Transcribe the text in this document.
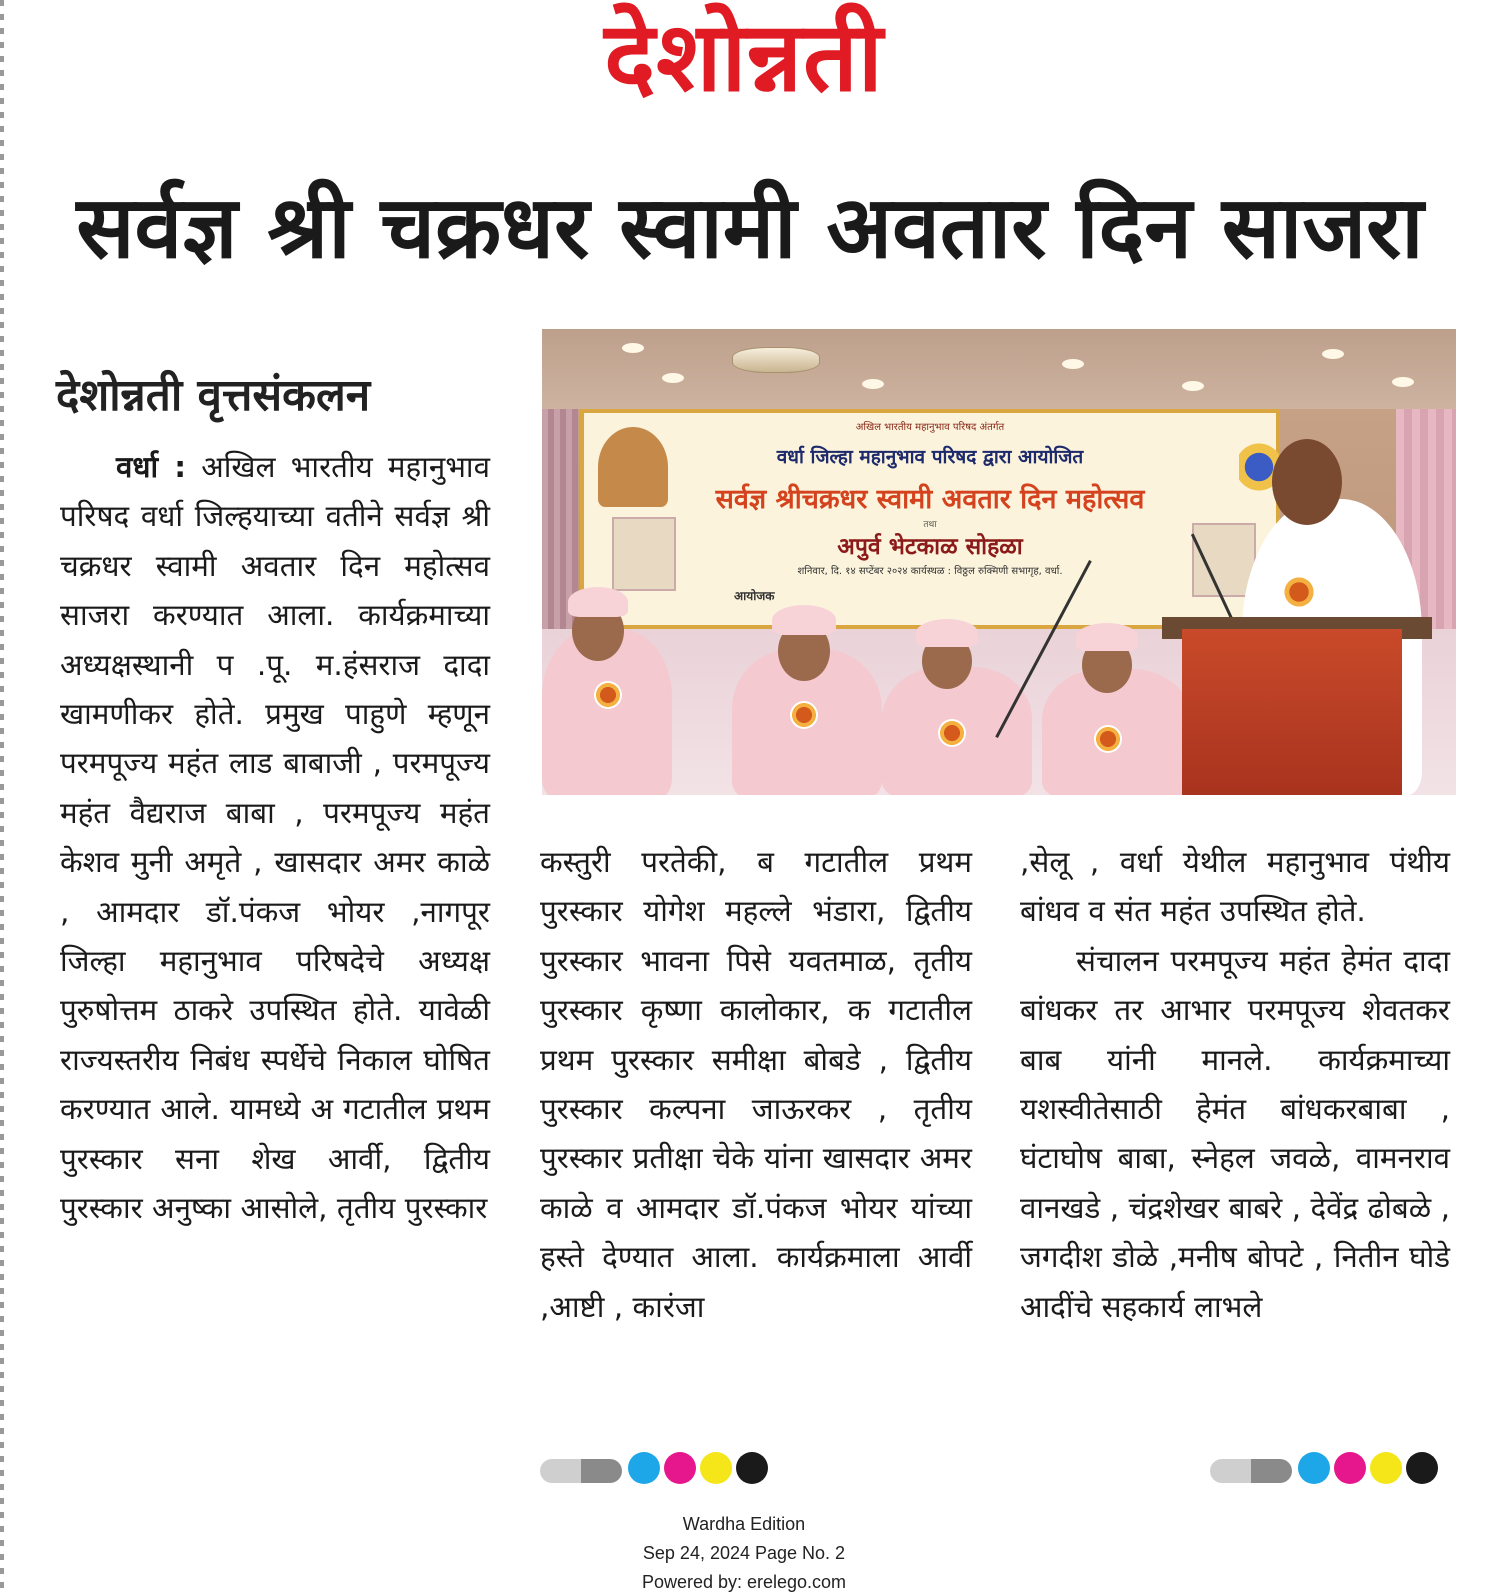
देशोन्नती
सर्वज्ञ श्री चक्रधर स्वामी अवतार दिन साजरा
देशोन्नती वृत्तसंकलन

वर्धा : अखिल भारतीय महानुभाव परिषद वर्धा जिल्हयाच्या वतीने सर्वज्ञ श्री चक्रधर स्वामी अवतार दिन महोत्सव साजरा करण्यात आला. कार्यक्रमाच्या अध्यक्षस्थानी प .पू. म.हंसराज दादा खामणीकर होते. प्रमुख पाहुणे म्हणून परमपूज्य महंत लाड बाबाजी , परमपूज्य महंत वैद्यराज बाबा , परमपूज्य महंत केशव मुनी अमृते , खासदार अमर काळे , आमदार डॉ.पंकज भोयर ,नागपूर जिल्हा महानुभाव परिषदेचे अध्यक्ष पुरुषोत्तम ठाकरे उपस्थित होते. यावेळी राज्यस्तरीय निबंध स्पर्धेचे निकाल घोषित करण्यात आले. यामध्ये अ गटातील प्रथम पुरस्कार सना शेख आर्वी, द्वितीय पुरस्कार अनुष्का आसोले, तृतीय पुरस्कार

अखिल भारतीय महानुभाव परिषद अंतर्गत
वर्धा जिल्हा महानुभाव परिषद द्वारा आयोजित
सर्वज्ञ श्रीचक्रधर स्वामी अवतार दिन महोत्सव
तथा
अपुर्व भेटकाळ सोहळा
शनिवार, दि. १४ सप्टेंबर २०२४ कार्यस्थळ : विठ्ठल रुक्मिणी सभागृह, वर्धा.
आयोजक

कस्तुरी परतेकी, ब गटातील प्रथम पुरस्कार योगेश महल्ले भंडारा, द्वितीय पुरस्कार भावना पिसे यवतमाळ, तृतीय पुरस्कार कृष्णा कालोकार, क गटातील प्रथम पुरस्कार समीक्षा बोबडे , द्वितीय पुरस्कार कल्पना जाऊरकर , तृतीय पुरस्कार प्रतीक्षा चेके यांना खासदार अमर काळे व आमदार डॉ.पंकज भोयर यांच्या हस्ते देण्यात आला. कार्यक्रमाला आर्वी ,आष्टी , कारंजा

,सेलू , वर्धा येथील महानुभाव पंथीय बांधव व संत महंत उपस्थित होते.

संचालन परमपूज्य महंत हेमंत दादा बांधकर तर आभार परमपूज्य शेवतकर बाब यांनी मानले. कार्यक्रमाच्या यशस्वीतेसाठी हेमंत बांधकरबाबा , घंटाघोष बाबा, स्नेहल जवळे, वामनराव वानखडे , चंद्रशेखर बाबरे , देवेंद्र ढोबळे , जगदीश डोळे ,मनीष बोपटे , नितीन घोडे आदींचे सहकार्य लाभले

Wardha Edition
Sep 24, 2024 Page No. 2
Powered by: erelego.com
